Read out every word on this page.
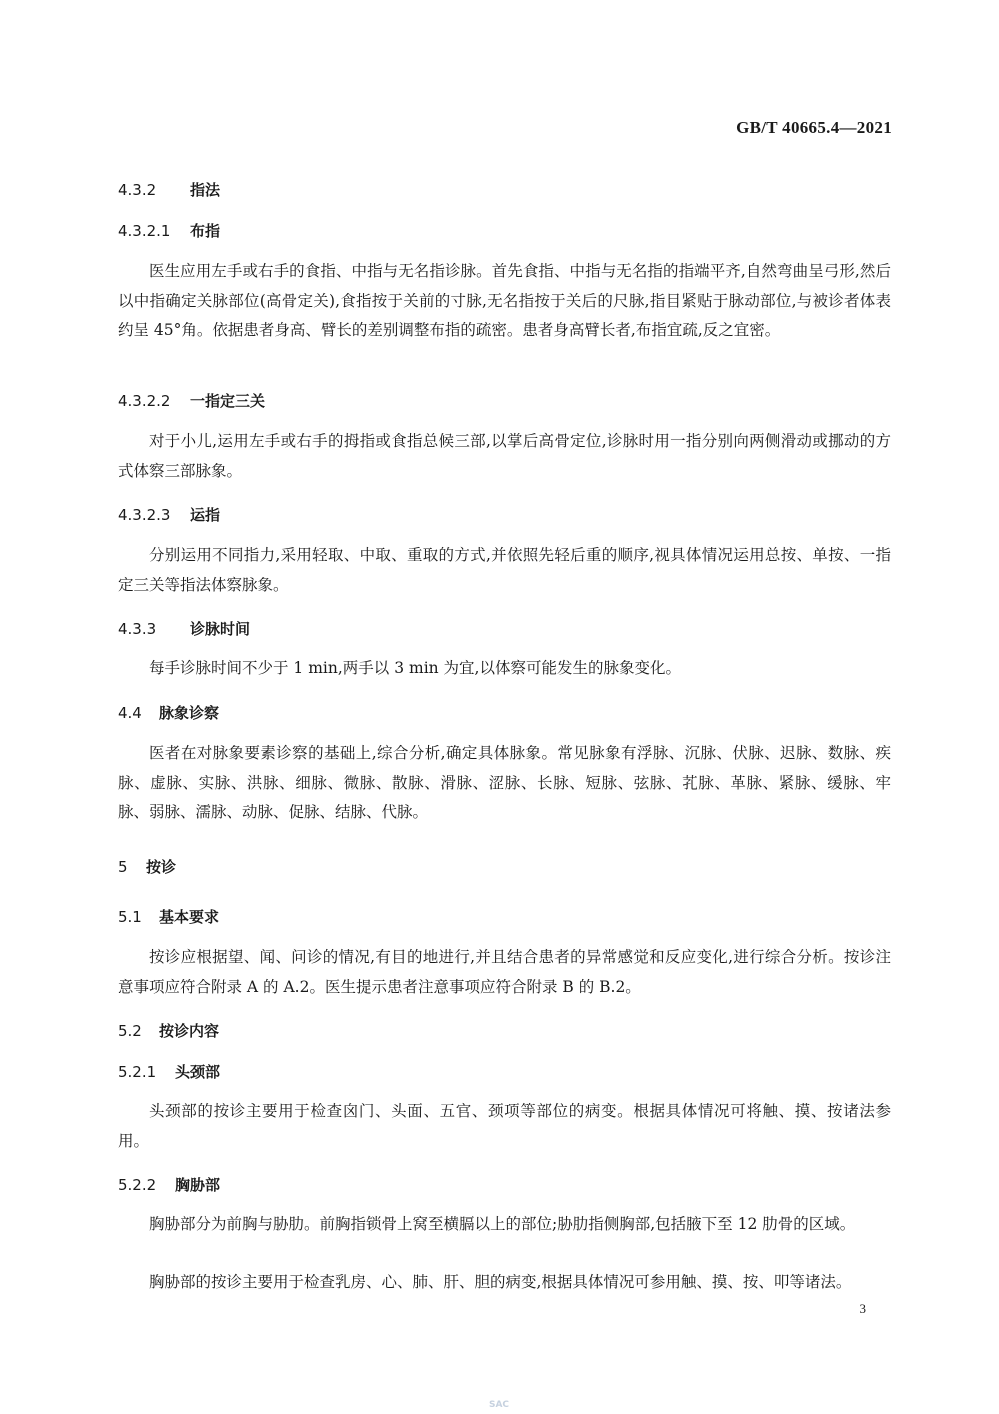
GB/T 40665.4—2021
4.3.2 指法
4.3.2.1 布指
医生应用左手或右手的食指、中指与无名指诊脉。首先食指、中指与无名指的指端平齐,自然弯曲呈弓形,然后以中指确定关脉部位(高骨定关),食指按于关前的寸脉,无名指按于关后的尺脉,指目紧贴于脉动部位,与被诊者体表约呈 45°角。依据患者身高、臂长的差别调整布指的疏密。患者身高臂长者,布指宜疏,反之宜密。
4.3.2.2 一指定三关
对于小儿,运用左手或右手的拇指或食指总候三部,以掌后高骨定位,诊脉时用一指分别向两侧滑动或挪动的方式体察三部脉象。
4.3.2.3 运指
分别运用不同指力,采用轻取、中取、重取的方式,并依照先轻后重的顺序,视具体情况运用总按、单按、一指定三关等指法体察脉象。
4.3.3 诊脉时间
每手诊脉时间不少于 1 min,两手以 3 min 为宜,以体察可能发生的脉象变化。
4.4 脉象诊察
医者在对脉象要素诊察的基础上,综合分析,确定具体脉象。常见脉象有浮脉、沉脉、伏脉、迟脉、数脉、疾脉、虚脉、实脉、洪脉、细脉、微脉、散脉、滑脉、涩脉、长脉、短脉、弦脉、芤脉、革脉、紧脉、缓脉、牢脉、弱脉、濡脉、动脉、促脉、结脉、代脉。
5 按诊
5.1 基本要求
按诊应根据望、闻、问诊的情况,有目的地进行,并且结合患者的异常感觉和反应变化,进行综合分析。按诊注意事项应符合附录 A 的 A.2。医生提示患者注意事项应符合附录 B 的 B.2。
5.2 按诊内容
5.2.1 头颈部
头颈部的按诊主要用于检查囟门、头面、五官、颈项等部位的病变。根据具体情况可将触、摸、按诸法参用。
5.2.2 胸胁部
胸胁部分为前胸与胁肋。前胸指锁骨上窝至横膈以上的部位;胁肋指侧胸部,包括腋下至 12 肋骨的区域。
胸胁部的按诊主要用于检查乳房、心、肺、肝、胆的病变,根据具体情况可参用触、摸、按、叩等诸法。
3
SAC
